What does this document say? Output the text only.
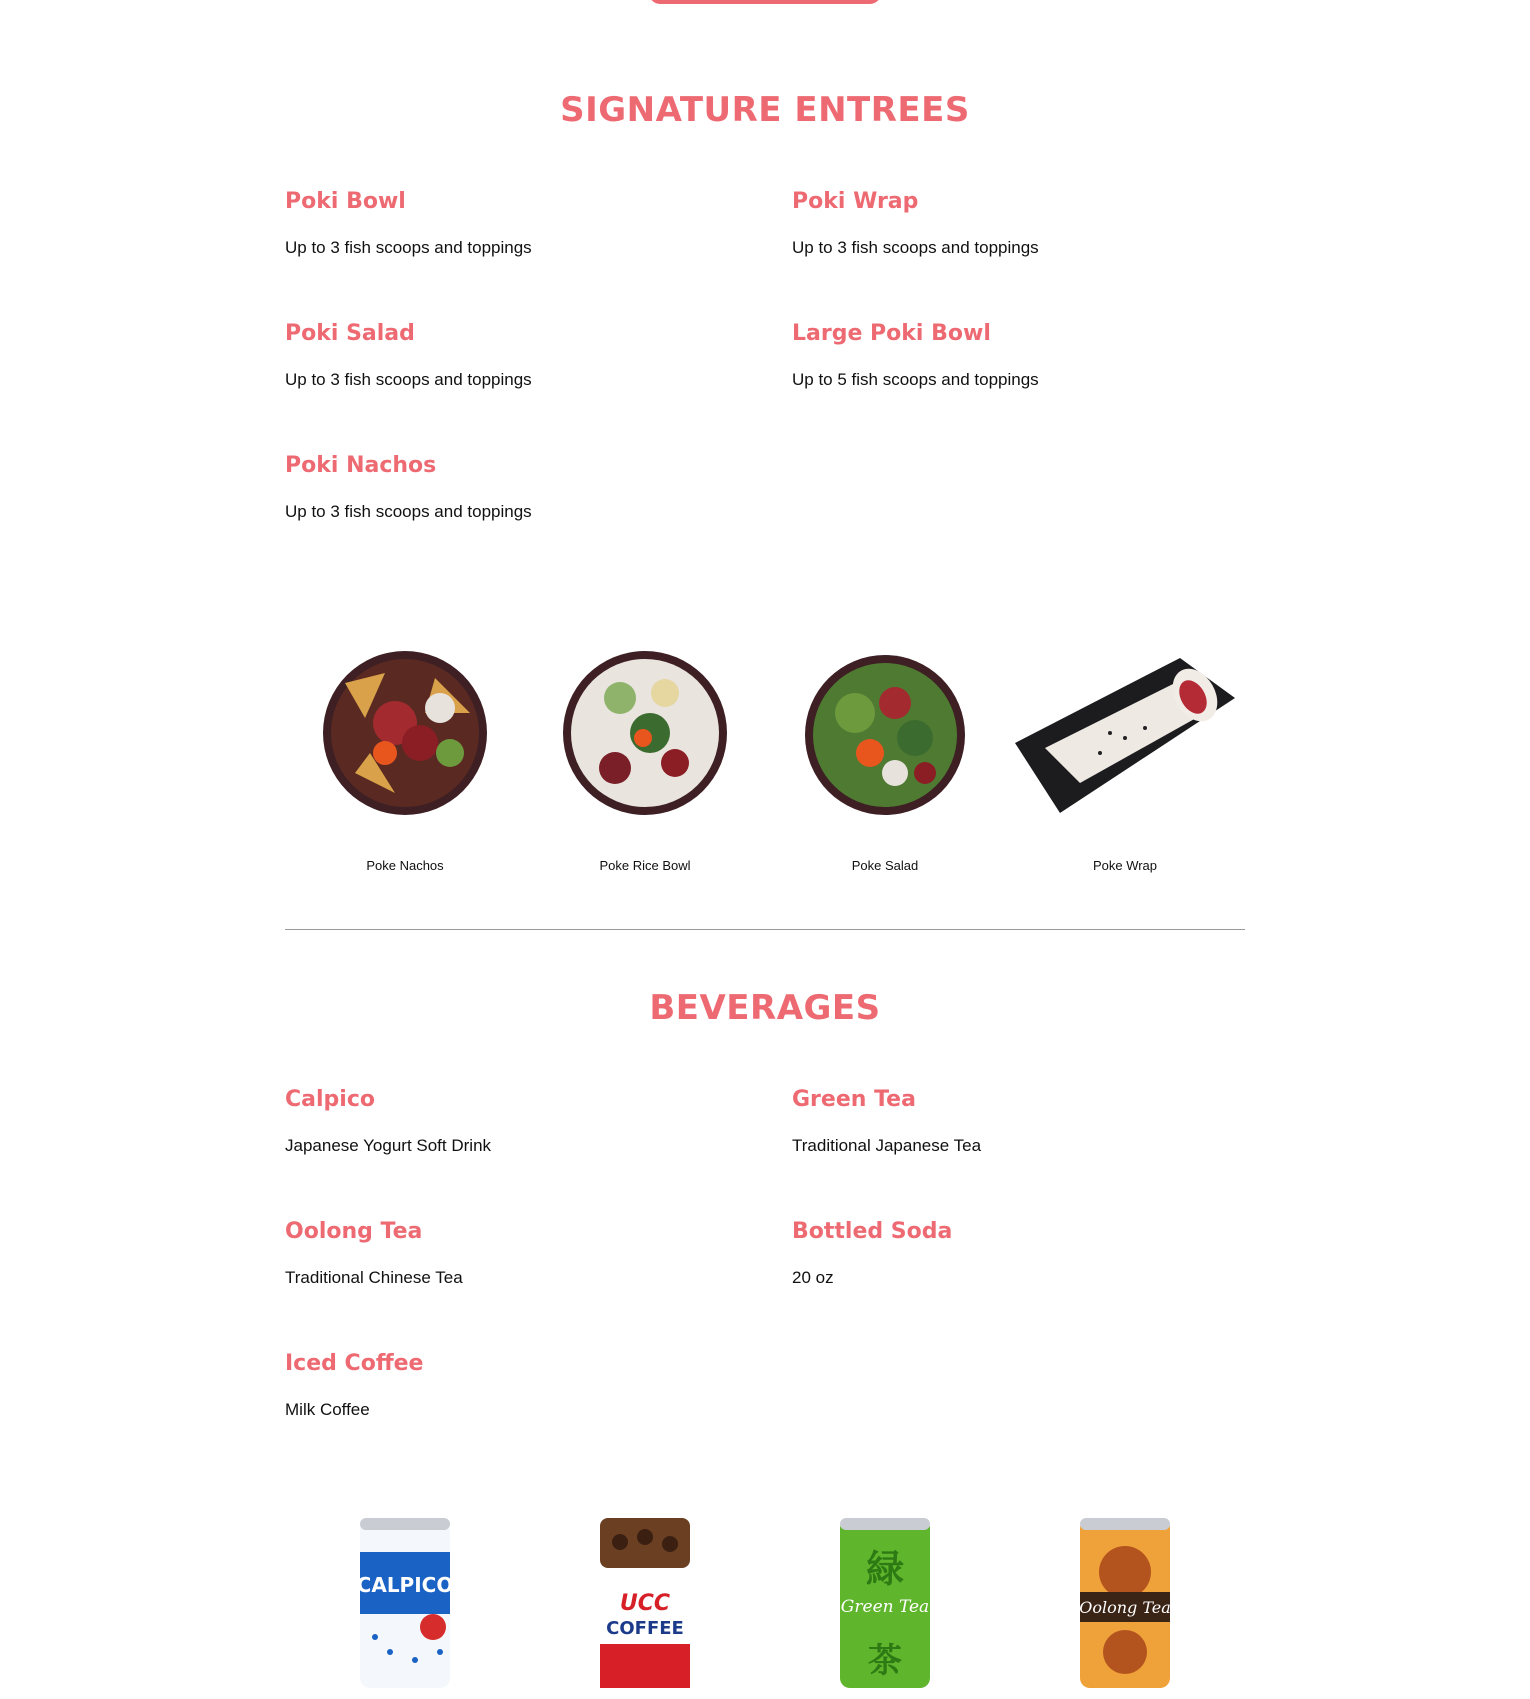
SIGNATURE ENTREES
Poki Bowl

Up to 3 fish scoops and toppings

Poki Wrap

Up to 3 fish scoops and toppings

Poki Salad

Up to 3 fish scoops and toppings

Large Poki Bowl

Up to 5 fish scoops and toppings

Poki Nachos

Up to 3 fish scoops and toppings

Poke Nachos	Poke Rice Bowl	Poke Salad	Poke Wrap
BEVERAGES
Calpico

Japanese Yogurt Soft Drink

Green Tea

Traditional Japanese Tea

Oolong Tea

Traditional Chinese Tea

Bottled Soda

20 oz

Iced Coffee

Milk Coffee

CALPICO
UCC
COFFEE
緑
Green Tea
茶
Oolong Tea
